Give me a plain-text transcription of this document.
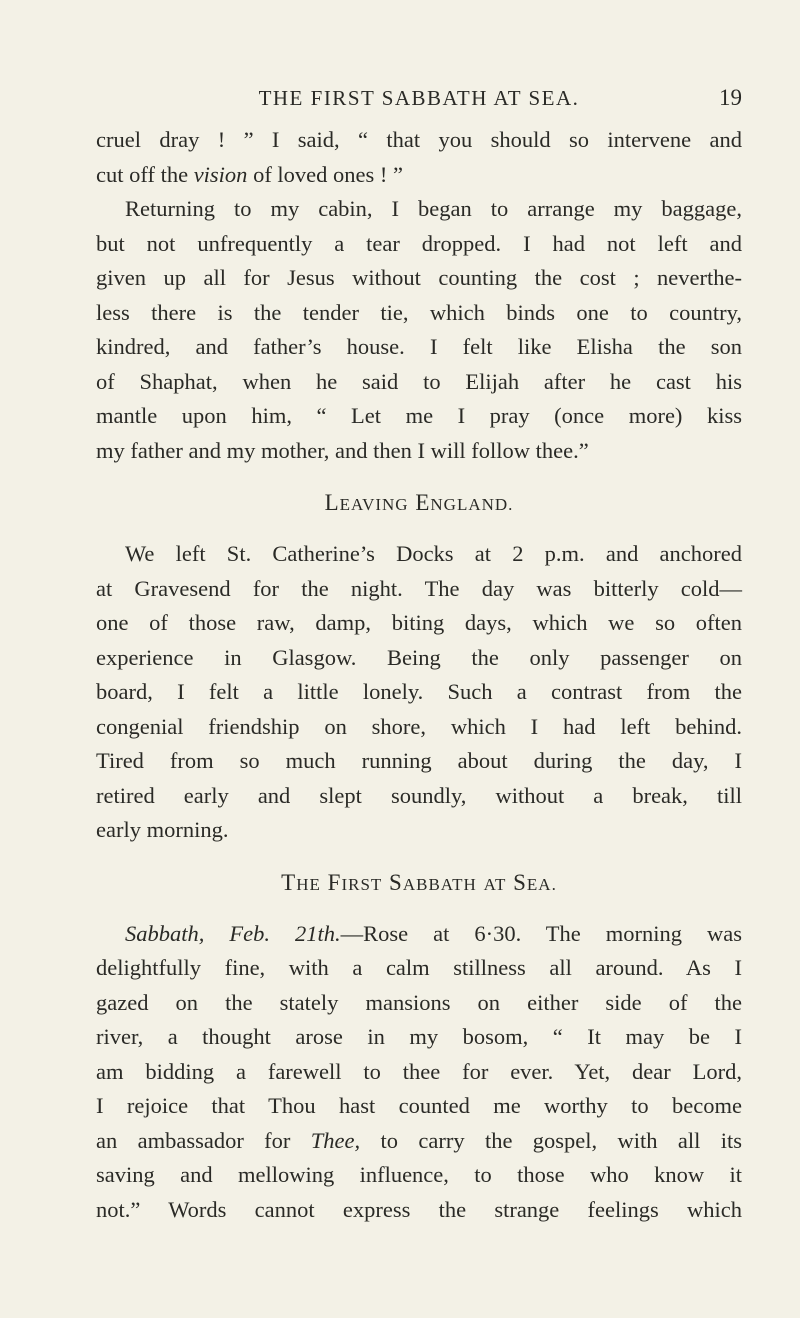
THE FIRST SABBATH AT SEA.	19
cruel dray ! ” I said, “ that you should so intervene and
cut off the vision of loved ones ! ”
Returning to my cabin, I began to arrange my baggage,
but not unfrequently a tear dropped. I had not left and
given up all for Jesus without counting the cost ; neverthe-
less there is the tender tie, which binds one to country,
kindred, and father’s house. I felt like Elisha the son
of Shaphat, when he said to Elijah after he cast his
mantle upon him, “ Let me I pray (once more) kiss
my father and my mother, and then I will follow thee.”
LEAVING ENGLAND.
We left St. Catherine’s Docks at 2 p.m. and anchored
at Gravesend for the night. The day was bitterly cold—
one of those raw, damp, biting days, which we so often
experience in Glasgow. Being the only passenger on
board, I felt a little lonely. Such a contrast from the
congenial friendship on shore, which I had left behind.
Tired from so much running about during the day, I
retired early and slept soundly, without a break, till
early morning.
THE FIRST SABBATH AT SEA.
Sabbath, Feb. 21th.—Rose at 6·30. The morning was
delightfully fine, with a calm stillness all around. As I
gazed on the stately mansions on either side of the
river, a thought arose in my bosom, “ It may be I
am bidding a farewell to thee for ever. Yet, dear Lord,
I rejoice that Thou hast counted me worthy to become
an ambassador for Thee, to carry the gospel, with all its
saving and mellowing influence, to those who know it
not.” Words cannot express the strange feelings which
